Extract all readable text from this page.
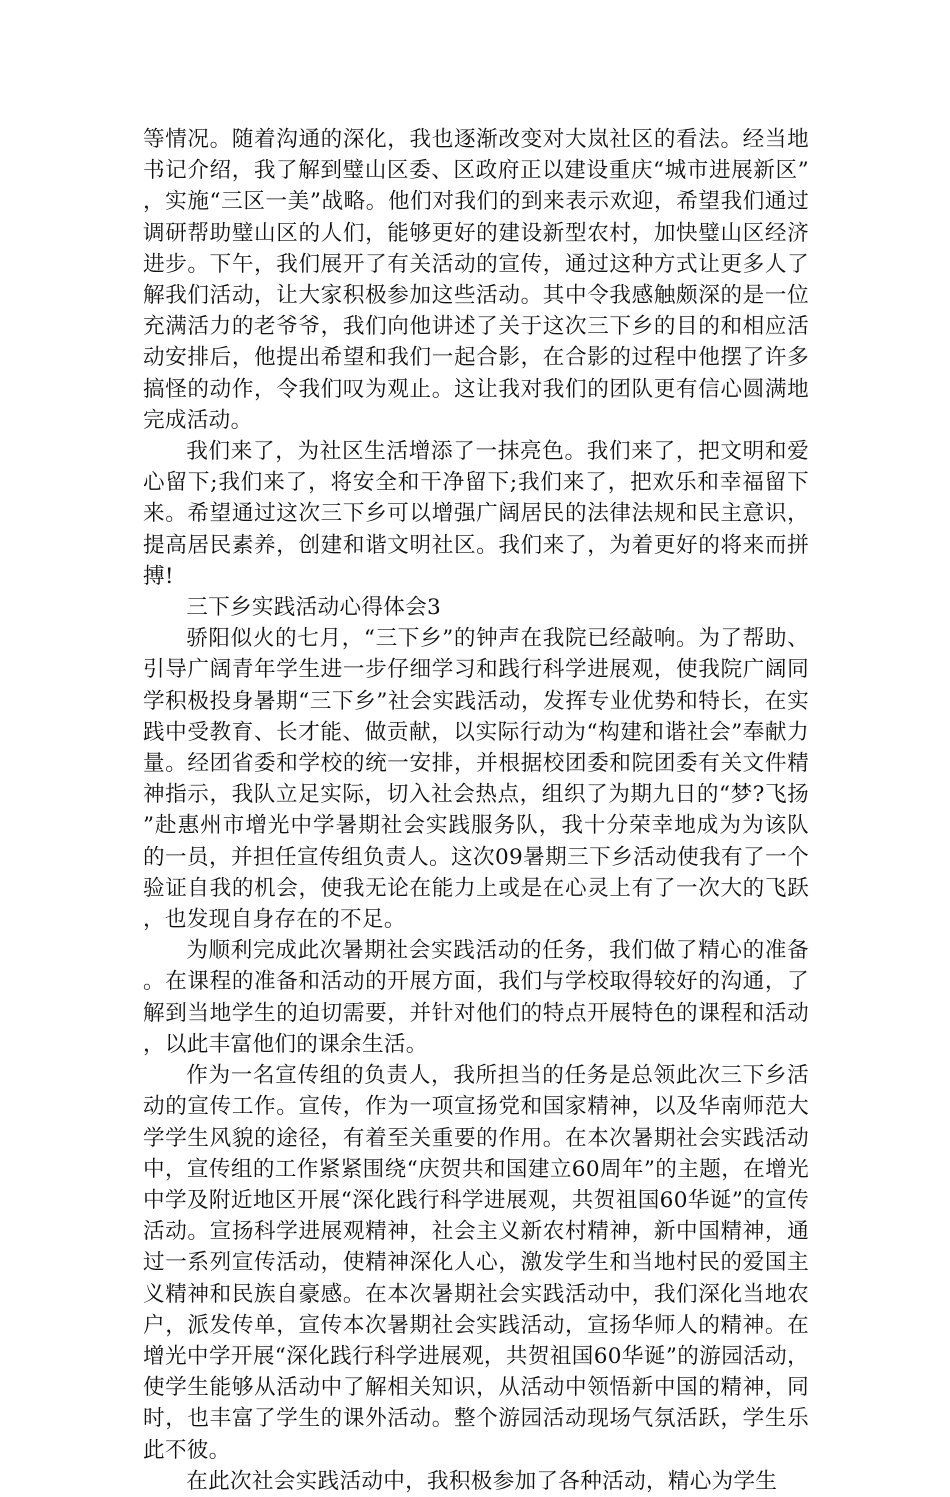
等情况。随着沟通的深化，我也逐渐改变对大岚社区的看法。经当地书记介绍，我了解到璧山区委、区政府正以建设重庆“城市进展新区”，实施“三区一美”战略。他们对我们的到来表示欢迎，希望我们通过调研帮助璧山区的人们，能够更好的建设新型农村，加快璧山区经济进步。下午，我们展开了有关活动的宣传，通过这种方式让更多人了解我们活动，让大家积极参加这些活动。其中令我感触颇深的是一位充满活力的老爷爷，我们向他讲述了关于这次三下乡的目的和相应活动安排后，他提出希望和我们一起合影，在合影的过程中他摆了许多搞怪的动作，令我们叹为观止。这让我对我们的团队更有信心圆满地完成活动。

我们来了，为社区生活增添了一抹亮色。我们来了，把文明和爱心留下;我们来了，将安全和干净留下;我们来了，把欢乐和幸福留下来。希望通过这次三下乡可以增强广阔居民的法律法规和民主意识，提高居民素养，创建和谐文明社区。我们来了，为着更好的将来而拼搏!

三下乡实践活动心得体会3

骄阳似火的七月，“三下乡”的钟声在我院已经敲响。为了帮助、引导广阔青年学生进一步仔细学习和践行科学进展观，使我院广阔同学积极投身暑期“三下乡”社会实践活动，发挥专业优势和特长，在实践中受教育、长才能、做贡献，以实际行动为“构建和谐社会”奉献力量。经团省委和学校的统一安排，并根据校团委和院团委有关文件精神指示，我队立足实际，切入社会热点，组织了为期九日的“梦?飞扬”赴惠州市增光中学暑期社会实践服务队，我十分荣幸地成为为该队的一员，并担任宣传组负责人。这次09暑期三下乡活动使我有了一个验证自我的机会，使我无论在能力上或是在心灵上有了一次大的飞跃，也发现自身存在的不足。

为顺利完成此次暑期社会实践活动的任务，我们做了精心的准备。在课程的准备和活动的开展方面，我们与学校取得较好的沟通，了解到当地学生的迫切需要，并针对他们的特点开展特色的课程和活动，以此丰富他们的课余生活。

作为一名宣传组的负责人，我所担当的任务是总领此次三下乡活动的宣传工作。宣传，作为一项宣扬党和国家精神，以及华南师范大学学生风貌的途径，有着至关重要的作用。在本次暑期社会实践活动中，宣传组的工作紧紧围绕“庆贺共和国建立60周年”的主题，在增光中学及附近地区开展“深化践行科学进展观，共贺祖国60华诞”的宣传活动。宣扬科学进展观精神，社会主义新农村精神，新中国精神，通过一系列宣传活动，使精神深化人心，激发学生和当地村民的爱国主义精神和民族自豪感。在本次暑期社会实践活动中，我们深化当地农户，派发传单，宣传本次暑期社会实践活动，宣扬华师人的精神。在增光中学开展“深化践行科学进展观，共贺祖国60华诞”的游园活动，使学生能够从活动中了解相关知识，从活动中领悟新中国的精神，同时，也丰富了学生的课外活动。整个游园活动现场气氛活跃，学生乐此不彼。

在此次社会实践活动中，我积极参加了各种活动，精心为学生
